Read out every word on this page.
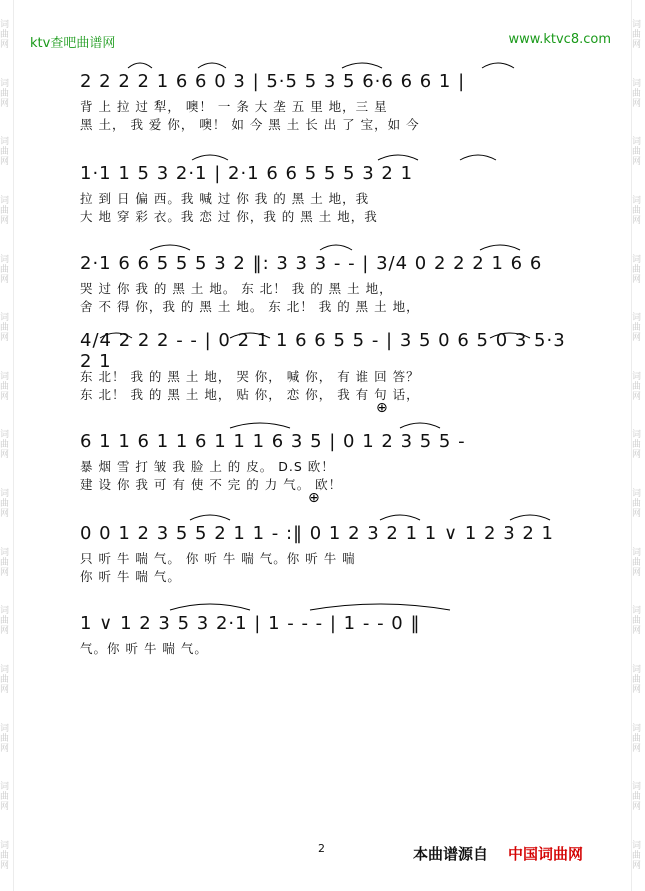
词曲网
词曲网
词曲网
词曲网
词曲网
词曲网
词曲网
词曲网
词曲网
词曲网
词曲网
词曲网
词曲网
词曲网
词曲网
词曲网
词曲网
词曲网
词曲网
词曲网
词曲网
词曲网
词曲网
词曲网
词曲网
词曲网
词曲网
词曲网
词曲网
词曲网
ktv查吧曲谱网	www.ktvc8.com
2 2 2 2 1 6 6 0 3 | 5·5 5 3 5 6·6 6 6 1 |
背 上 拉 过 犁， 噢！ 一 条 大 垄 五 里 地，三 星
黑 土， 我 爱 你， 噢！ 如 今 黑 土 长 出 了 宝，如 今
1·1 1 5 3 2·1 | 2·1 6 6 5 5 5 3 2 1
拉 到 日 偏 西。我 喊 过 你 我 的 黑 土 地，我
大 地 穿 彩 衣。我 恋 过 你，我 的 黑 土 地，我
2·1 6 6 5 5 5 3 2 ‖: 3 3 3 - - | 3/4 0 2 2 2 1 6 6
哭 过 你 我 的 黑 土 地。 东 北！ 我 的 黑 土 地，
舍 不 得 你，我 的 黑 土 地。 东 北！ 我 的 黑 土 地，
4/4 2 2 2 - - | 0 2 1 1 6 6 5 5 - | 3 5 0 6 5 0 3 5·3 2 1
东 北！ 我 的 黑 土 地， 哭 你， 喊 你， 有 谁 回 答？
东 北！ 我 的 黑 土 地， 贴 你， 恋 你， 我 有 句 话，
⊕
6 1 1 6 1 1 6 1 1 1 6 3 5 | 0 1 2 3 5 5 -
暴 烟 雪 打 皱 我 脸 上 的 皮。 D.S 欧！
建 设 你 我 可 有 使 不 完 的 力 气。 欧！
⊕
0 0 1 2 3 5 5 2 1 1 - :‖ 0 1 2 3 2 1 1 ∨ 1 2 3 2 1
只 听 牛 喘 气。 你 听 牛 喘 气。你 听 牛 喘
你 听 牛 喘 气。
1 ∨ 1 2 3 5 3 2·1 | 1 - - - | 1 - - 0 ‖
气。你 听 牛 喘 气。
2	本曲谱源自 中国词曲网
